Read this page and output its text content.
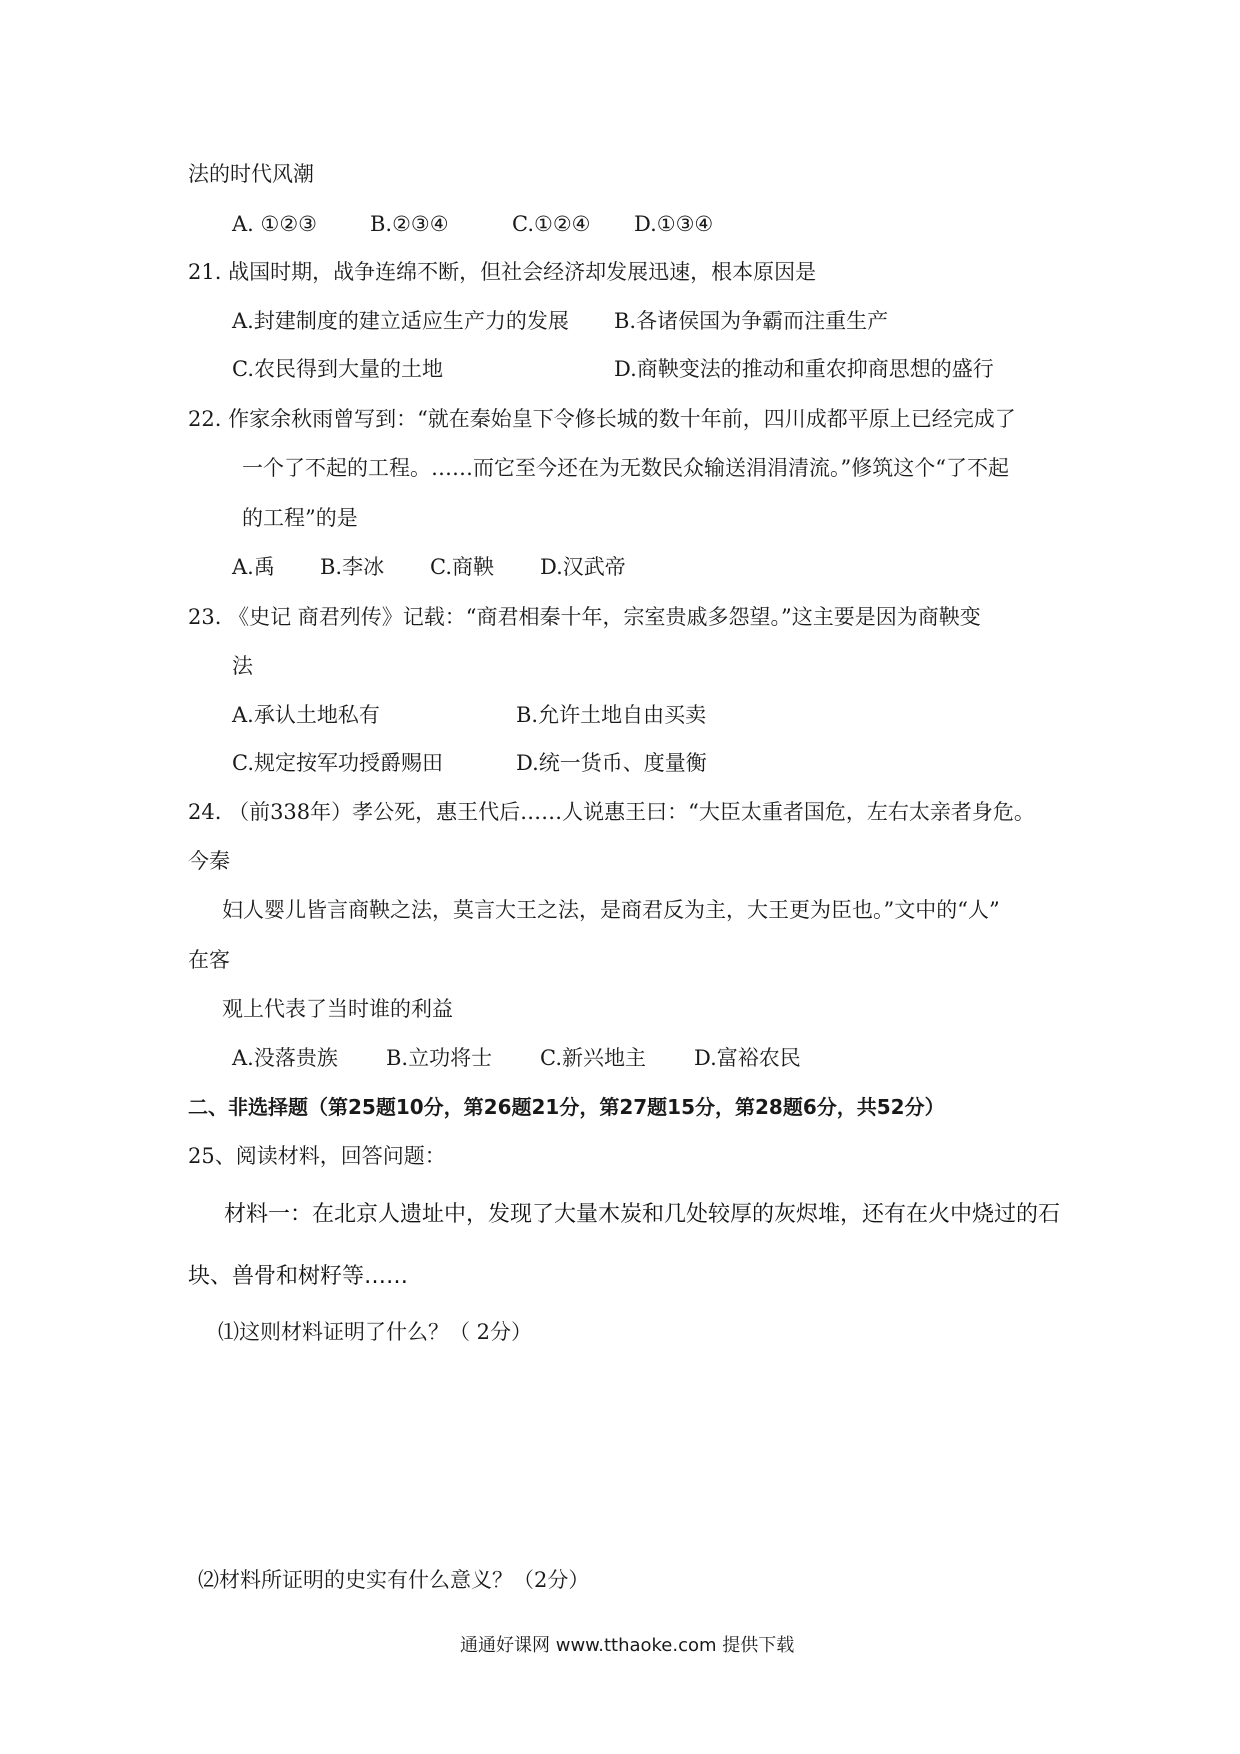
法的时代风潮
A. ①②③	B.②③④	C.①②④ D.①③④
21. 战国时期，战争连绵不断，但社会经济却发展迅速，根本原因是
A.封建制度的建立适应生产力的发展 B.各诸侯国为争霸而注重生产
C.农民得到大量的土地	D.商鞅变法的推动和重农抑商思想的盛行
22. 作家余秋雨曾写到：“就在秦始皇下令修长城的数十年前，四川成都平原上已经完成了
一个了不起的工程。……而它至今还在为无数民众输送涓涓清流。”修筑这个“了不起
的工程”的是
A.禹 B.李冰 C.商鞅 D.汉武帝
23. 《史记 商君列传》记载：“商君相秦十年，宗室贵戚多怨望。”这主要是因为商鞅变
法
A.承认土地私有	B.允许土地自由买卖
C.规定按军功授爵赐田	D.统一货币、度量衡
24. （前338年）孝公死，惠王代后……人说惠王曰：“大臣太重者国危，左右太亲者身危。
今秦
妇人婴儿皆言商鞅之法，莫言大王之法，是商君反为主，大王更为臣也。”文中的“人”
在客
观上代表了当时谁的利益
A.没落贵族 B.立功将士 C.新兴地主 D.富裕农民
二、非选择题（第25题10分，第26题21分，第27题15分，第28题6分，共52分）
25、阅读材料，回答问题：
材料一：在北京人遗址中，发现了大量木炭和几处较厚的灰烬堆，还有在火中烧过的石
块、兽骨和树籽等……
⑴这则材料证明了什么？（ 2分）
⑵材料所证明的史实有什么意义？（2分）
通通好课网 www.tthaoke.com 提供下载
